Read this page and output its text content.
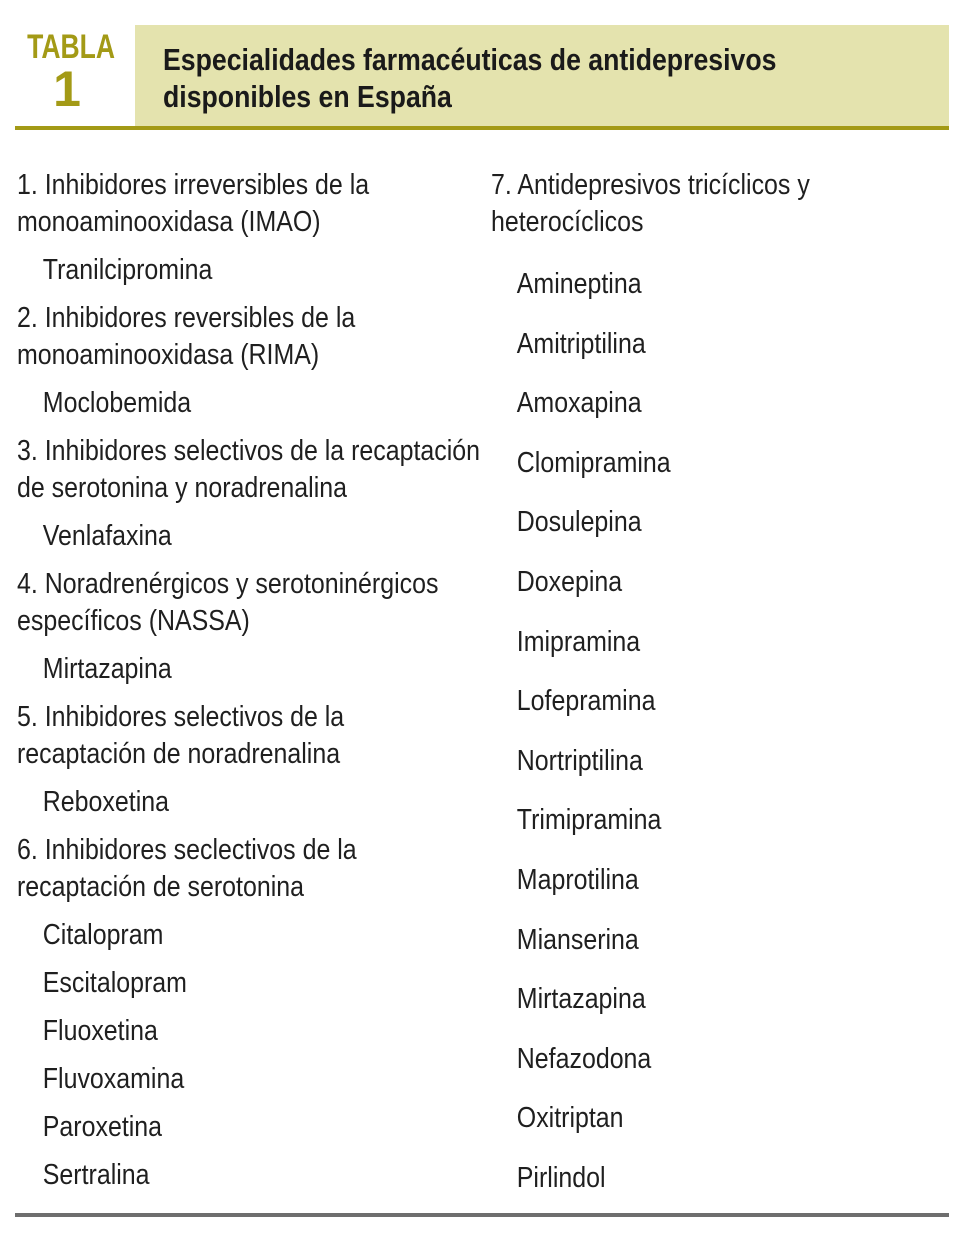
TABLA
1
Especialidades farmacéuticas de antidepresivos
disponibles en España
1. Inhibidores irreversibles de la
monoaminooxidasa (IMAO)
Tranilcipromina
2. Inhibidores reversibles de la
monoaminooxidasa (RIMA)
Moclobemida
3. Inhibidores selectivos de la recaptación
de serotonina y noradrenalina
Venlafaxina
4. Noradrenérgicos y serotoninérgicos
específicos (NASSA)
Mirtazapina
5. Inhibidores selectivos de la
recaptación de noradrenalina
Reboxetina
6. Inhibidores seclectivos de la
recaptación de serotonina
Citalopram
Escitalopram
Fluoxetina
Fluvoxamina
Paroxetina
Sertralina
7. Antidepresivos tricíclicos y
heterocíclicos
Amineptina
Amitriptilina
Amoxapina
Clomipramina
Dosulepina
Doxepina
Imipramina
Lofepramina
Nortriptilina
Trimipramina
Maprotilina
Mianserina
Mirtazapina
Nefazodona
Oxitriptan
Pirlindol
